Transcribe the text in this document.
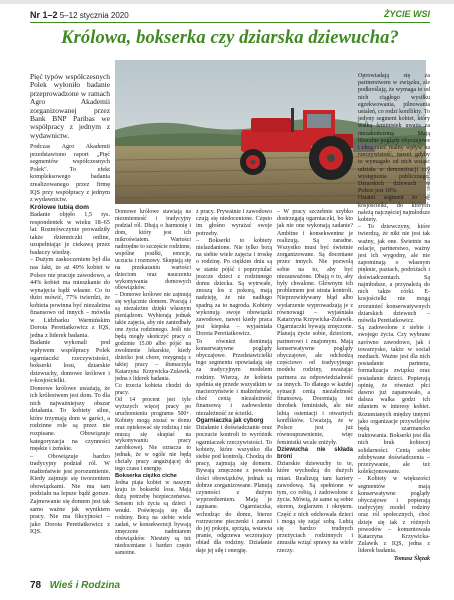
Nr 1–2 5–12 stycznia 2020	ŻYCIE WSI
Królowa, bokserka czy dziarska dziewucha?
Fot. Shutterstock

Pięć typów współczesnych Polek wyłoniło badanie przeprowadzone w ramach Agro Akademii zorganizowanej przez Bank BNP Paribas we współpracy z jednym z wydawnictw.

Podczas Agro Akademii przedstawiono raport „Pięć segmentów współczesnych Polek". To efekt kompleksowego badania zrealizowanego przez firmę IQS przy współpracy z jednym z wydawnictw.

Królowe lubią dom

Badanie objęło 1,5 tys. respondentek w wieku 18–65 lat. Rozmówczynie prowadziły także dzienniczki online, uzupełniając je ciekawą przez badaczy wiedzę.

– Dużym zaskoczeniem był dla nas fakt, że aż 49% kobiet w Polsce nie pracuje zawodowo, a 44% kobiet ma mieszkanie do wynajęcia bądź własne. Co tu dużo mówić, 77% twierdzi, że kobieta powinna być niezależna finansowo od innych – mówiła w Lidzbarku Warmińskim Dorota Peretiatkowicz z IQS, jedna z liderek badania.

Badanie wykonali pod wpływem współpracy Polek ogarniaczki rzeczywistości, bokserki losu, dziarskie dziewuchy, domowe królowe i e-kosjościelki.

Domowe królowe uważają, że ich królestwem jest dom. To dla nich najważniejszy obszar działania. To kobiety silne, które trzymają dom w garści, a rodzinne role są przez nie rozpisane. Obowiązuje kategoryzacja na czynności męskie i żeńskie.

– Obowiązuje bardzo tradycyjny podział ról. W małżeństwie jest porozumienie. Kiedy zajmuje się tworzeniem obowiązkami. Nie ma tam podziału na lepsze bądź gorsze. Zajmowanie się domem jest tak samo ważne jak wynikiem pracy. Nie ma fikcyjności – jako Dorota Peretiatkowicz z IQS.

Domowe królowe stawiają na niezmienność i tradycyjny podział ról. Dbają o harmonię i dom, który jest ich mikroświatem. Wartości nadrzędne to szczęście rodzinne, wspólne posiłki, emocje, uczucia i rozmowy. Skupiają się na przekazaniu wartości dzieciom oraz nauczeniu wykonywania domowych obowiązków.

– Domowe królowe nie zajmują się wyłącznie domem. Pracują i są niezależne dzięki własnym pieniądzom. Wybierają jednak takie zajęcia, aby nie zaniedbały one życia rodzinnego. Jeśli nie będą mogły skończyć pracy o godzinie 15.00 albo pójść na zwolnienie lekarskie, kiedy dziecko jest chore, rezygnują z takiej pracy – tłumaczyła Katarzyna Krzywicka-Zulawik, jedna z liderek badania.

Co trzecia kobieta chodzi do pracy.

Od 14 procent jest tyle wyższych więcej pracy po uruchomieniu programu 500+. Kobiety mogą zostać w domu oraz opiekować się rodziną i nie muszą się skupiać na wykonywaniu pracy zarobkowej. Nie oznacza to jednak, że w ogóle nie będą chciały pracy angażującej do tego czasu i energię.

Bokserka ciężko ciche

Jedna piąta kobiet w naszym kraju to bokserki losu. Mają dużą potrzebę bezpieczeństwa. Sensem ich życia są dzieci i wnuki. Poświęcają się dla rodziny. Borą na siebie wiele zadań, w konsekwencji bywają zmęczone nadmiarem obowiązków. Niestety są też niedoceniane i bardzo często samotne.

z pracy. Prywatnie i zawodowo czują się niedocenione. Często im głośno wyrażać swoje potrzeby.

– Bokserki to kobiety nielazdanione. Nie tylko borą na siebie wiele zajęcia i troskę o rodzinę. Po ciężkim dniu są w stanie pójść i poprzytulać jeszcze dzieci z rodzinnego domu dziecka. Są wytrwałe, znoszą los z pokorą, mają nadzieję, że nie nadługo spadną za to nagroda. Kobiety wykonują swoje obowiązki zawodowe, nawet kiedy praca jest kiepska – wyjaśniała Dorota Peretiatkowicz.

To również dominują konserwatywne poglądy obyczajowe. Przedstawicielki tego segmentu opowiadają się za tradycyjnym modelem rodziny. Wierzą, że kobieta spełnia się przede wszystkim w macierzyństwie i małżeństwie, choć cenią niezależność finansową i zadowolenie niezależność ze ścieżki.

Ogarniaczka jak cyborg

Działanie i doświadczanie oraz poczucie kontroli to wyróżnik ogarniaczek rzeczywistości. To kobiety, które wszystko dla siebie pod kontrolą. Chodzą do pracy, zajmują się domem. Bywają zmęczone z powodu ilości obowiązków, jednak są dobrze zorganizowane. Planują czynności z dużym wyprzedzeniem. Mają je zapisane. Ogarniaczka, wchodząc do domu, bierze rozrzucone pieczenki i zanosi do jej pokoju, sprząta, wstawia pranie, odgrzewa wczorajszy obiad dla rodziny. Działanie daje jej siłę i energię.

– W pracy szczebnie szybko dostrzegają ogarniaczki, bo kto jak nie one wykonają zadanie? Ambitne i konsekwentne je realizują. Są zaradne. Wszystko musi być świetnie zorganizowane. Są doceniane przez innych. Nie pozwolą sobie na to, aby być niezauważone. Dbają o to, aby były chwalone. Głównym ich problemem jest utrata kontroli. Nieprzewidywany błąd albo wydarzenie wyprowadzają je z równowagi – wyjaśniała Katarzyna Krzywicka-Zulawik.

Ogarniaczki bywają zmęczone. Planują życie sobie, dzieciom, partnerowi i znajomym. Mają konserwatywne poglądy obyczajowe, ale odchodzą częściowo od tradycyjnego modelu rodziny, uważając partnera za odpowiedzialność za innych. To dlatego w każdej sytuacji cenią niezależność finansową. Doceniają też dorobek feministek, ale nie lubią ostentacji i otwartych konfliktów. Uważają, że w Polsce jest już równouprawnienie, więc feministki wcale zniżyły.

Dziewucha nie składa broni

Dziarskie dziewuchy to te, które wychodzą do dużych miast. Realizują tam kariery zawodową. Są spełnione w tym, co robią, i zadowolone z życia. Mówią, że same są sobie sterem, żeglarzem i okrętem. Część z nich odchowała dzieci i mogą się zająć sobą. Lubią się bardzo trudnych przeżyciach rodzinnych i zmusiła wziąć sprawy na wiele rzeczy.

Oprowiadają się za partnerstwem w związku, ale podkreślają, że wymaga to od nich ciągłego wysiłku egzekwowania, pilnowania ustaleń, co rodzi konflikty. To jedyny segment kobiet, który walką feministek uważa za niezakończoną. Mają liberalne poglądy obyczajowe i chcą mieć realny wpływ na rzeczywistość, nawet gdyby to wymagało od nich wsiąść udziału w demonstracji czy występienia publicznego. Dziarskich dziewuch w Polsce jest 18%.

Ostatni segment to e-kosjościelki, do których należą najczęściej najmłodsze kobiety.

– To dziewczyny, które twierdzą, że nikt nie jest tak ważny, jak one. Świetnie na relacje, partnerstwo, ważny jest ich wygodny, ale nie zapominają o własnym pięknie, paziach, podróżach i doświadczeniach. Są najmłodsze, a przynależą do nich także córki. E-kosjościelki nie mogą zrozumieć konserwatywnych dziarskich dziewuch – mówiła Peretiatkowicz.

Są zadowolone z siebie i swojego życia. Czy wybrane zarówno zawodowo, jak i towarzysko, także w sociał mediach. Ważne jest dla nich posiadanie partnera, formalizacja związku oraz posiadanie dzieci. Popierają opinię, że również płci dawno już zapanowało, a dalsza walka godzi ich zdaniem w interesy kobiet. Rozumianych między innymi jako organizacje przywilejów będą szarmancko traktowania. Bokserki jest dla nich brak kobiecej solidarności. Cenią sobie zdobywane doświadczenia – przeżywanie, ale też kolekcjonowanie.

– Kobiety w większości segmentów mają konserwatywne poglądy obyczajowe i popierają tradycyjny model rodziny oraz ról społecznych, choć dzieje się tak z różnych powodów – komentowała Katarzyna Krzywicka-Zulawik z IQS, jedna z liderek badania.

Tomasz Ślęzak

78 Wieś i Rodzina
